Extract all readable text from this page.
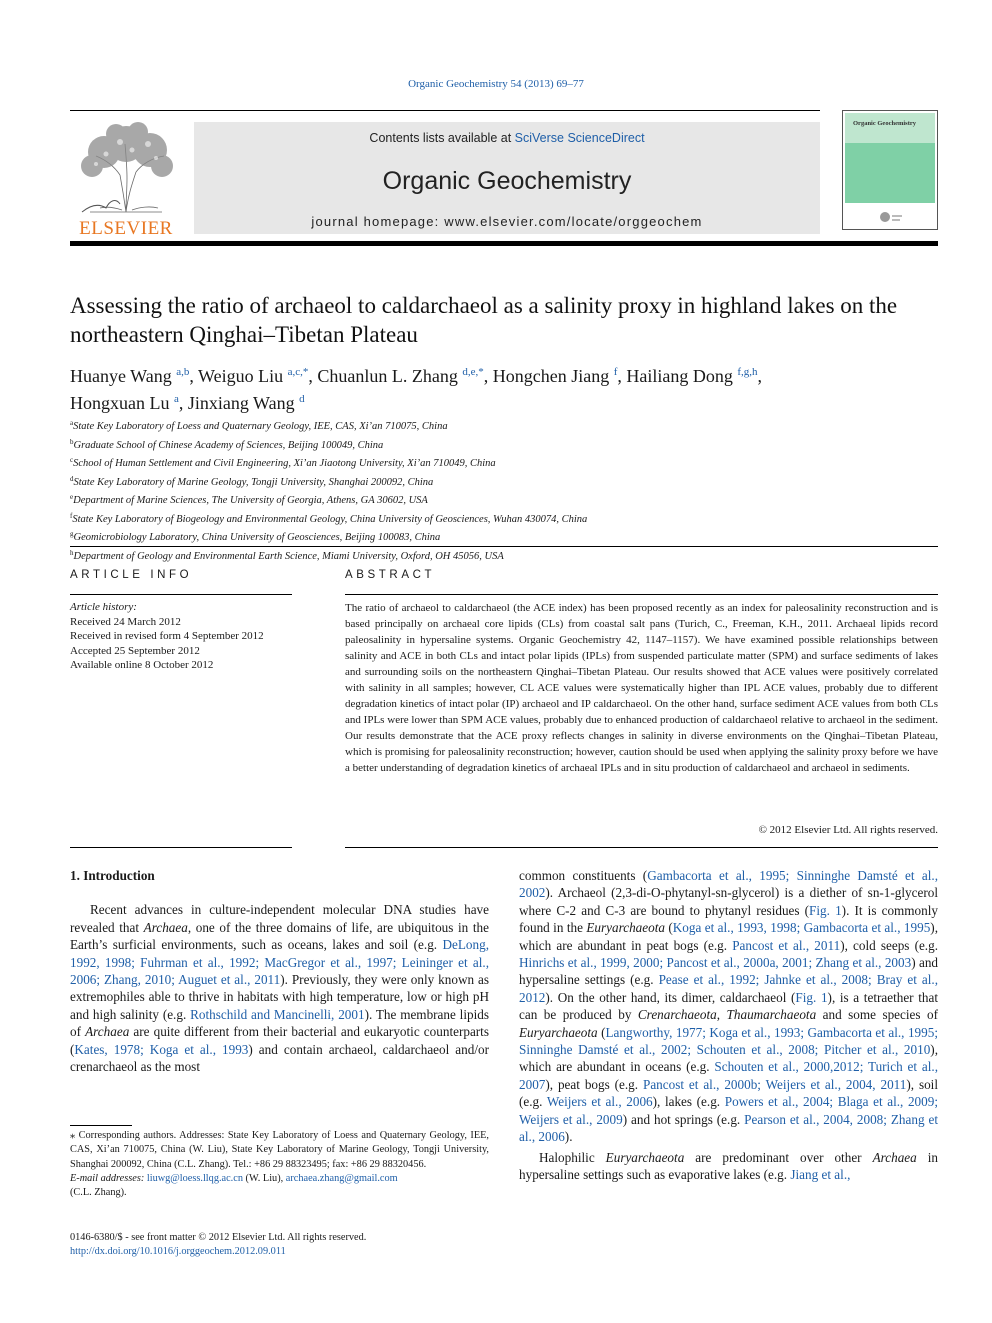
Organic Geochemistry 54 (2013) 69–77
ELSEVIER
Contents lists available at SciVerse ScienceDirect
Organic Geochemistry
journal homepage: www.elsevier.com/locate/orggeochem
Organic Geochemistry
Assessing the ratio of archaeol to caldarchaeol as a salinity proxy in highland lakes on the northeastern Qinghai–Tibetan Plateau
Huanye Wang $^{a,b}$, Weiguo Liu $^{a,c,*}$, Chuanlun L. Zhang $^{d,e,*}$, Hongchen Jiang $^f$, Hailiang Dong $^{f,g,h}$,
Hongxuan Lu $^a$, Jinxiang Wang $^d$
$^a$State Key Laboratory of Loess and Quaternary Geology, IEE, CAS, Xi’an 710075, China
$^b$Graduate School of Chinese Academy of Sciences, Beijing 100049, China
$^c$School of Human Settlement and Civil Engineering, Xi’an Jiaotong University, Xi’an 710049, China
$^d$State Key Laboratory of Marine Geology, Tongji University, Shanghai 200092, China
$^e$Department of Marine Sciences, The University of Georgia, Athens, GA 30602, USA
$^f$State Key Laboratory of Biogeology and Environmental Geology, China University of Geosciences, Wuhan 430074, China
$^g$Geomicrobiology Laboratory, China University of Geosciences, Beijing 100083, China
$^h$Department of Geology and Environmental Earth Science, Miami University, Oxford, OH 45056, USA
ARTICLE INFO	ABSTRACT
Article history:
Received 24 March 2012
Received in revised form 4 September 2012
Accepted 25 September 2012
Available online 8 October 2012
The ratio of archaeol to caldarchaeol (the ACE index) has been proposed recently as an index for paleosalinity reconstruction and is based principally on archaeal core lipids (CLs) from coastal salt pans (Turich, C., Freeman, K.H., 2011. Archaeal lipids record paleosalinity in hypersaline systems. Organic Geochemistry 42, 1147–1157). We have examined possible relationships between salinity and ACE in both CLs and intact polar lipids (IPLs) from suspended particulate matter (SPM) and surface sediments of lakes and surrounding soils on the northeastern Qinghai–Tibetan Plateau. Our results showed that ACE values were positively correlated with salinity in all samples; however, CL ACE values were systematically higher than IPL ACE values, probably due to different degradation kinetics of intact polar (IP) archaeol and IP caldarchaeol. On the other hand, surface sediment ACE values from both CLs and IPLs were lower than SPM ACE values, probably due to enhanced production of caldarchaeol relative to archaeol in the sediment. Our results demonstrate that the ACE proxy reflects changes in salinity in diverse environments on the Qinghai–Tibetan Plateau, which is promising for paleosalinity reconstruction; however, caution should be used when applying the salinity proxy before we have a better understanding of degradation kinetics of archaeal IPLs and in situ production of caldarchaeol and archaeol in sediments.
© 2012 Elsevier Ltd. All rights reserved.
1. Introduction

Recent advances in culture-independent molecular DNA studies have revealed that Archaea, one of the three domains of life, are ubiquitous in the Earth’s surficial environments, such as oceans, lakes and soil (e.g. DeLong, 1992, 1998; Fuhrman et al., 1992; MacGregor et al., 1997; Leininger et al., 2006; Zhang, 2010; Auguet et al., 2011). Previously, they were only known as extremophiles able to thrive in habitats with high temperature, low or high pH and high salinity (e.g. Rothschild and Mancinelli, 2001). The membrane lipids of Archaea are quite different from their bacterial and eukaryotic counterparts (Kates, 1978; Koga et al., 1993) and contain archaeol, caldarchaeol and/or crenarchaeol as the most

common constituents (Gambacorta et al., 1995; Sinninghe Damsté et al., 2002). Archaeol (2,3-di-O-phytanyl-sn-glycerol) is a diether of sn-1-glycerol where C-2 and C-3 are bound to phytanyl residues (Fig. 1). It is commonly found in the Euryarchaeota (Koga et al., 1993, 1998; Gambacorta et al., 1995), which are abundant in peat bogs (e.g. Pancost et al., 2011), cold seeps (e.g. Hinrichs et al., 1999, 2000; Pancost et al., 2000a, 2001; Zhang et al., 2003) and hypersaline settings (e.g. Pease et al., 1992; Jahnke et al., 2008; Bray et al., 2012). On the other hand, its dimer, caldarchaeol (Fig. 1), is a tetraether that can be produced by Crenarchaeota, Thaumarchaeota and some species of Euryarchaeota (Langworthy, 1977; Koga et al., 1993; Gambacorta et al., 1995; Sinninghe Damsté et al., 2002; Schouten et al., 2008; Pitcher et al., 2010), which are abundant in oceans (e.g. Schouten et al., 2000,2012; Turich et al., 2007), peat bogs (e.g. Pancost et al., 2000b; Weijers et al., 2004, 2011), soil (e.g. Weijers et al., 2006), lakes (e.g. Powers et al., 2004; Blaga et al., 2009; Weijers et al., 2009) and hot springs (e.g. Pearson et al., 2004, 2008; Zhang et al., 2006).

Halophilic Euryarchaeota are predominant over other Archaea in hypersaline settings such as evaporative lakes (e.g. Jiang et al.,

⁎ Corresponding authors. Addresses: State Key Laboratory of Loess and Quaternary Geology, IEE, CAS, Xi’an 710075, China (W. Liu), State Key Laboratory of Marine Geology, Tongji University, Shanghai 200092, China (C.L. Zhang). Tel.: +86 29 88323495; fax: +86 29 88320456.
E-mail addresses: liuwg@loess.llqg.ac.cn (W. Liu), archaea.zhang@gmail.com
(C.L. Zhang).
0146-6380/$ - see front matter © 2012 Elsevier Ltd. All rights reserved.
http://dx.doi.org/10.1016/j.orggeochem.2012.09.011
